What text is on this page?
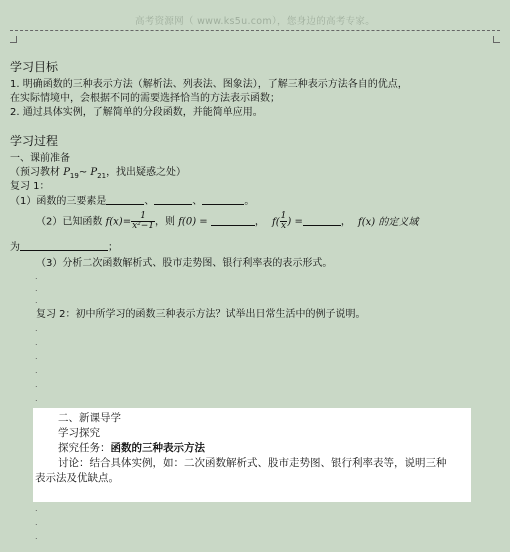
高考资源网（ www.ks5u.com），您身边的高考专家。
学习目标
1. 明确函数的三种表示方法（解析法、列表法、图象法），了解三种表示方法各自的优点，
在实际情境中，会根据不同的需要选择恰当的方法表示函数；
2. 通过具体实例，了解简单的分段函数，并能简单应用。
学习过程
一、课前准备
（预习教材 $P_{19}\sim$ $P_{21}$，找出疑惑之处）
复习 1：
（1）函数的三要素是	、	、	。
（2）已知函数 $f(x)= \frac{1}{\text{x²−1}}$ ，则 f(0) =	， $f( \frac{1}{x}$ ) =	， f(x) 的定义域
为	；
（3）分析二次函数解析式、股市走势图、银行利率表的表示形式。
.
.
.
复习 2：初中所学习的函数三种表示方法？试举出日常生活中的例子说明。
.
.
.
.
.
.
二、新课导学
学习探究
探究任务：函数的三种表示方法
讨论：结合具体实例，如：二次函数解析式、股市走势图、银行利率表等，说明三种
表示法及优缺点。
.
.
.
